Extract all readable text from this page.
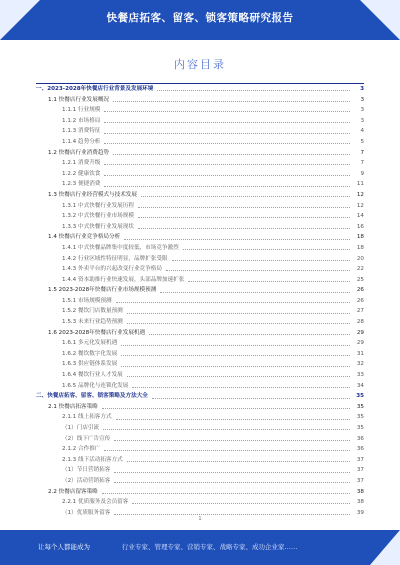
快餐店拓客、留客、锁客策略研究报告
内容目录
一、2023-2028年快餐店行业背景及发展环境	3
1.1 快餐店行业发展概况	3
1.1.1 行业规模	3
1.1.2 市场格局	3
1.1.3 消费特征	4
1.1.4 趋势分析	5
1.2 快餐店行业消费趋势	7
1.2.1 消费升级	7
1.2.2 健康饮食	9
1.2.3 便捷消费	11
1.3 快餐店行业经营模式与技术发展	12
1.3.1 中式快餐行业发展历程	12
1.3.2 中式快餐行业市场规模	14
1.3.3 中式快餐行业发展现状	16
1.4 快餐店行业竞争格局分析	18
1.4.1 中式快餐品牌集中度较低，市场竞争激烈	18
1.4.2 行业区域性特征明显，品牌扩张受限	20
1.4.3 外卖平台的兴起改变行业竞争格局	22
1.4.4 资本助推行业快速发展，头部品牌加速扩张	25
1.5 2023-2028年快餐店行业市场规模预测	26
1.5.1 市场规模预测	26
1.5.2 餐饮门店数量预测	27
1.5.3 未来行业趋势预测	28
1.6 2023-2028年快餐店行业发展机遇	29
1.6.1 多元化发展机遇	29
1.6.2 餐饮数字化发展	31
1.6.3 供应链体系发展	32
1.6.4 餐饮行业人才发展	33
1.6.5 品牌化与连锁化发展	34
二、快餐店拓客、留客、锁客策略及方法大全	35
2.1 快餐店拓客策略	35
2.1.1 线上拓客方式	35
（1）门店引流	35
（2）线下广告宣传	36
2.1.2 合作推广	36
2.1.3 线下活动拓客方式	37
（1）节日营销拓客	37
（2）活动营销拓客	37
2.2 快餐店留客策略	38
2.2.1 优质服务及会员留客	38
（1）优质服务留客	39
1
让每个人都能成为	行业专家、管理专家、营销专家、战略专家、成功企业家……
